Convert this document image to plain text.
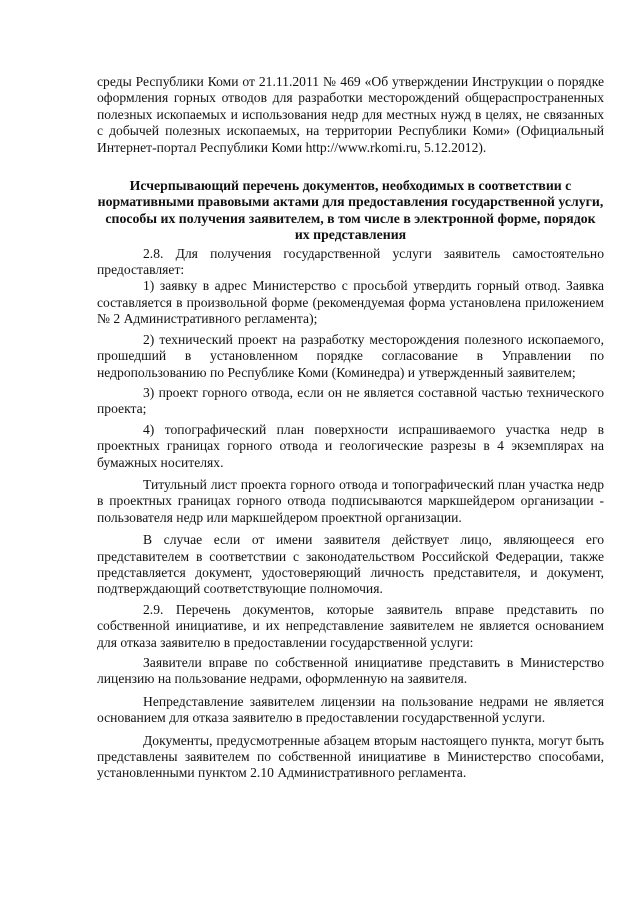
среды Республики Коми от 21.11.2011 № 469 «Об утверждении Инструкции о порядке оформления горных отводов для разработки месторождений общераспространенных полезных ископаемых и использования недр для местных нужд в целях, не связанных с добычей полезных ископаемых, на территории Республики Коми» (Официальный Интернет-портал Республики Коми http://www.rkomi.ru, 5.12.2012).

Исчерпывающий перечень документов, необходимых в соответствии с нормативными правовыми актами для предоставления государственной услуги, способы их получения заявителем, в том числе в электронной форме, порядок их представления

2.8. Для получения государственной услуги заявитель самостоятельно предоставляет:

1) заявку в адрес Министерство с просьбой утвердить горный отвод. Заявка составляется в произвольной форме (рекомендуемая форма установлена приложением № 2 Административного регламента);

2) технический проект на разработку месторождения полезного ископаемого, прошедший в установленном порядке согласование в Управлении по недропользованию по Республике Коми (Коминедра) и утвержденный заявителем;

3) проект горного отвода, если он не является составной частью технического проекта;

4) топографический план поверхности испрашиваемого участка недр в проектных границах горного отвода и геологические разрезы в 4 экземплярах на бумажных носителях.

Титульный лист проекта горного отвода и топографический план участка недр в проектных границах горного отвода подписываются маркшейдером организации - пользователя недр или маркшейдером проектной организации.

В случае если от имени заявителя действует лицо, являющееся его представителем в соответствии с законодательством Российской Федерации, также представляется документ, удостоверяющий личность представителя, и документ, подтверждающий соответствующие полномочия.

2.9. Перечень документов, которые заявитель вправе представить по собственной инициативе, и их непредставление заявителем не является основанием для отказа заявителю в предоставлении государственной услуги:

Заявители вправе по собственной инициативе представить в Министерство лицензию на пользование недрами, оформленную на заявителя.

Непредставление заявителем лицензии на пользование недрами не является основанием для отказа заявителю в предоставлении государственной услуги.

Документы, предусмотренные абзацем вторым настоящего пункта, могут быть представлены заявителем по собственной инициативе в Министерство способами, установленными пунктом 2.10 Административного регламента.
